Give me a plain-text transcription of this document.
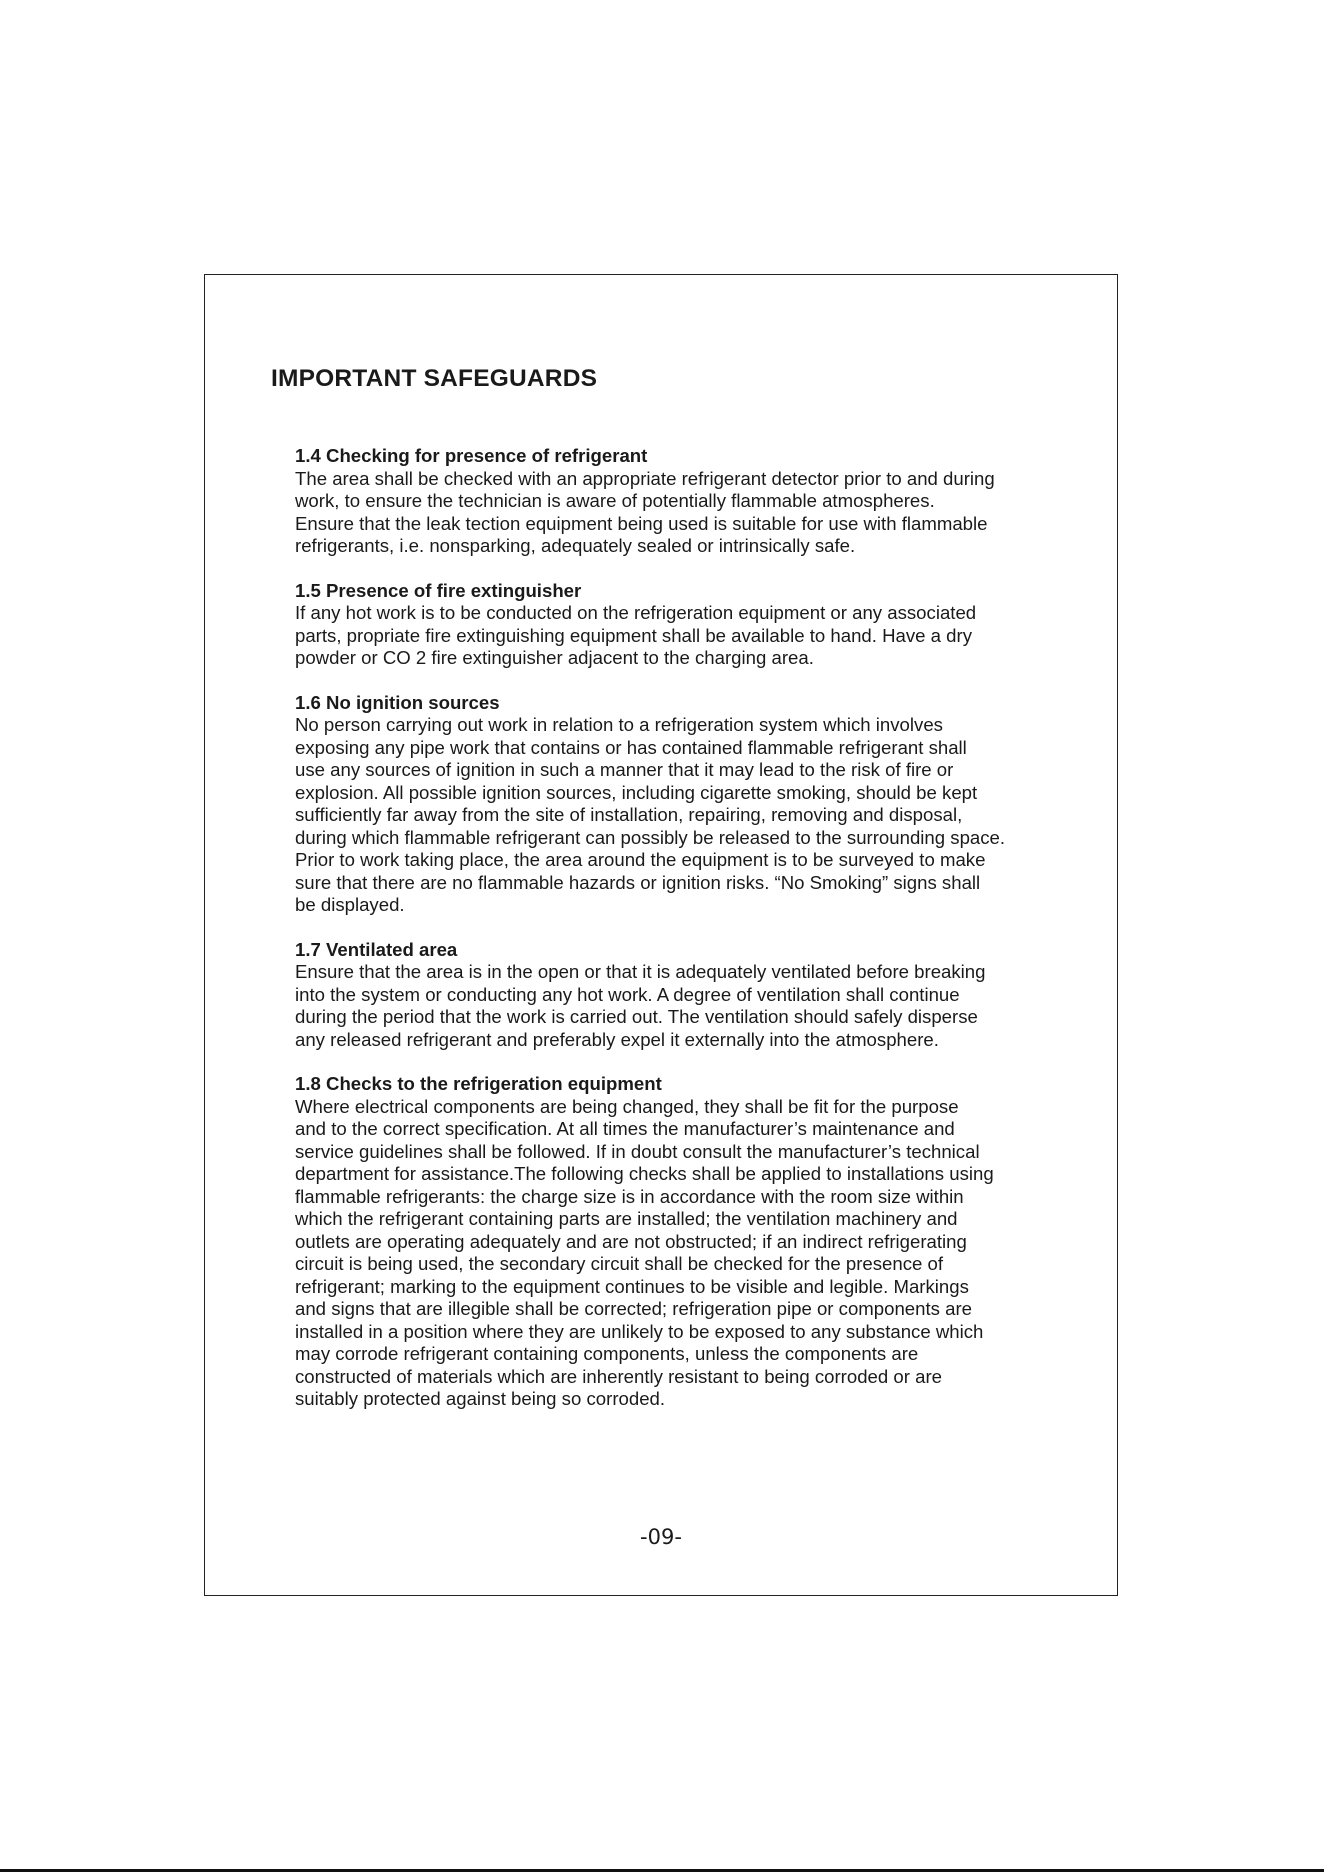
IMPORTANT SAFEGUARDS

1.4 Checking for presence of refrigerant

The area shall be checked with an appropriate refrigerant detector prior to and during
work, to ensure the technician is aware of potentially flammable atmospheres.
Ensure that the leak tection equipment being used is suitable for use with flammable
refrigerants, i.e. nonsparking, adequately sealed or intrinsically safe.

1.5 Presence of fire extinguisher

If any hot work is to be conducted on the refrigeration equipment or any associated
parts, propriate fire extinguishing equipment shall be available to hand. Have a dry
powder or CO 2 fire extinguisher adjacent to the charging area.

1.6 No ignition sources

No person carrying out work in relation to a refrigeration system which involves
exposing any pipe work that contains or has contained flammable refrigerant shall
use any sources of ignition in such a manner that it may lead to the risk of fire or
explosion. All possible ignition sources, including cigarette smoking, should be kept
sufficiently far away from the site of installation, repairing, removing and disposal,
during which flammable refrigerant can possibly be released to the surrounding space.
Prior to work taking place, the area around the equipment is to be surveyed to make
sure that there are no flammable hazards or ignition risks. “No Smoking” signs shall
be displayed.

1.7 Ventilated area

Ensure that the area is in the open or that it is adequately ventilated before breaking
into the system or conducting any hot work. A degree of ventilation shall continue
during the period that the work is carried out. The ventilation should safely disperse
any released refrigerant and preferably expel it externally into the atmosphere.

1.8 Checks to the refrigeration equipment

Where electrical components are being changed, they shall be fit for the purpose
and to the correct specification. At all times the manufacturer’s maintenance and
service guidelines shall be followed. If in doubt consult the manufacturer’s technical
department for assistance.The following checks shall be applied to installations using
flammable refrigerants: the charge size is in accordance with the room size within
which the refrigerant containing parts are installed; the ventilation machinery and
outlets are operating adequately and are not obstructed; if an indirect refrigerating
circuit is being used, the secondary circuit shall be checked for the presence of
refrigerant; marking to the equipment continues to be visible and legible. Markings
and signs that are illegible shall be corrected; refrigeration pipe or components are
installed in a position where they are unlikely to be exposed to any substance which
may corrode refrigerant containing components, unless the components are
constructed of materials which are inherently resistant to being corroded or are
suitably protected against being so corroded.
-09-
